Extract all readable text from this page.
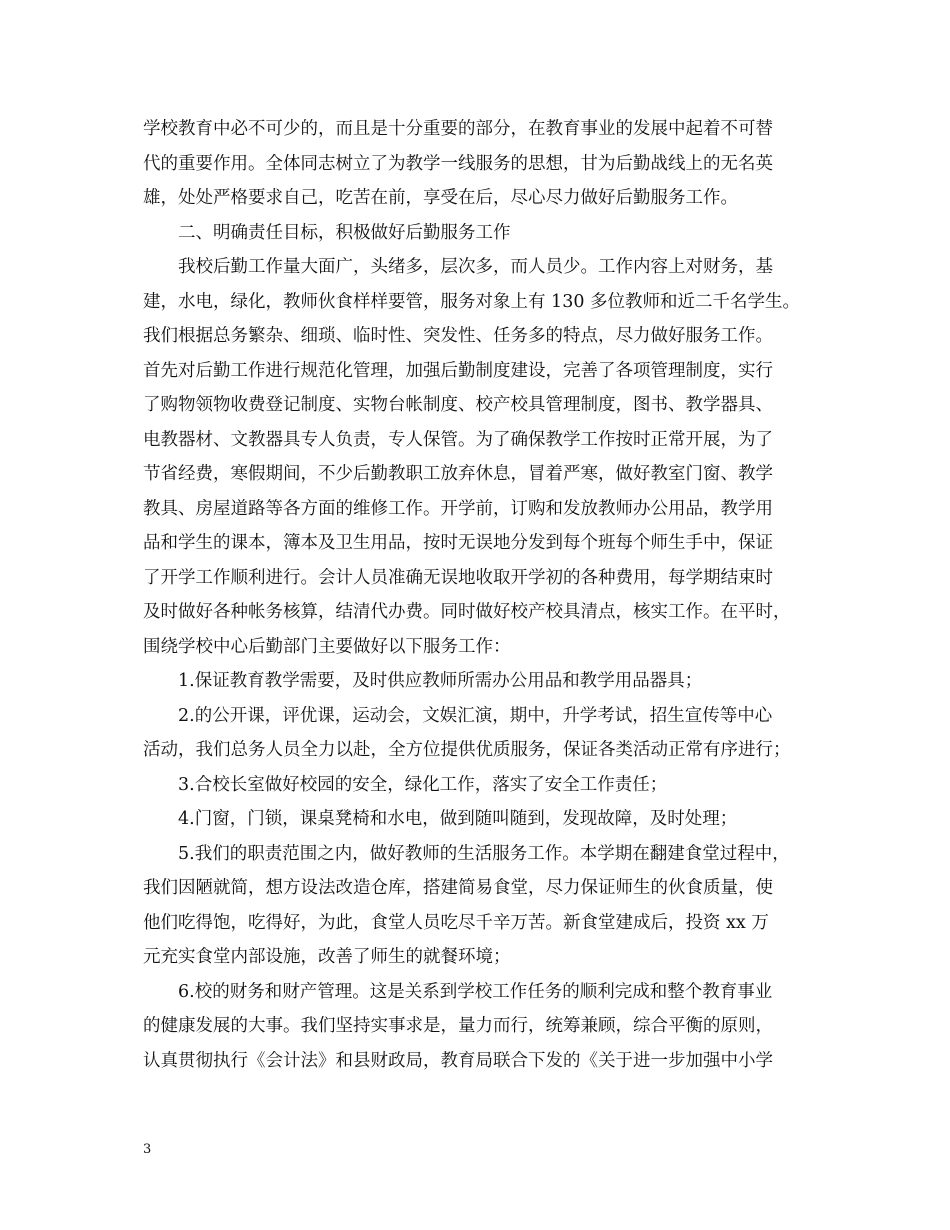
学校教育中必不可少的，而且是十分重要的部分，在教育事业的发展中起着不可替
代的重要作用。全体同志树立了为教学一线服务的思想，甘为后勤战线上的无名英
雄，处处严格要求自己，吃苦在前，享受在后，尽心尽力做好后勤服务工作。
二、明确责任目标，积极做好后勤服务工作
我校后勤工作量大面广，头绪多，层次多，而人员少。工作内容上对财务，基
建，水电，绿化，教师伙食样样要管，服务对象上有 130 多位教师和近二千名学生。
我们根据总务繁杂、细琐、临时性、突发性、任务多的特点，尽力做好服务工作。
首先对后勤工作进行规范化管理，加强后勤制度建设，完善了各项管理制度，实行
了购物领物收费登记制度、实物台帐制度、校产校具管理制度，图书、教学器具、
电教器材、文教器具专人负责，专人保管。为了确保教学工作按时正常开展，为了
节省经费，寒假期间，不少后勤教职工放弃休息，冒着严寒，做好教室门窗、教学
教具、房屋道路等各方面的维修工作。开学前，订购和发放教师办公用品，教学用
品和学生的课本，簿本及卫生用品，按时无误地分发到每个班每个师生手中，保证
了开学工作顺利进行。会计人员准确无误地收取开学初的各种费用，每学期结束时
及时做好各种帐务核算，结清代办费。同时做好校产校具清点，核实工作。在平时，
围绕学校中心后勤部门主要做好以下服务工作：
1.保证教育教学需要，及时供应教师所需办公用品和教学用品器具；
2.的公开课，评优课，运动会，文娱汇演，期中，升学考试，招生宣传等中心
活动，我们总务人员全力以赴，全方位提供优质服务，保证各类活动正常有序进行；
3.合校长室做好校园的安全，绿化工作，落实了安全工作责任；
4.门窗，门锁，课桌凳椅和水电，做到随叫随到，发现故障，及时处理；
5.我们的职责范围之内，做好教师的生活服务工作。本学期在翻建食堂过程中，
我们因陋就简，想方设法改造仓库，搭建简易食堂，尽力保证师生的伙食质量，使
他们吃得饱，吃得好，为此，食堂人员吃尽千辛万苦。新食堂建成后，投资 xx 万
元充实食堂内部设施，改善了师生的就餐环境；
6.校的财务和财产管理。这是关系到学校工作任务的顺利完成和整个教育事业
的健康发展的大事。我们坚持实事求是，量力而行，统筹兼顾，综合平衡的原则，
认真贯彻执行《会计法》和县财政局，教育局联合下发的《关于进一步加强中小学
3
